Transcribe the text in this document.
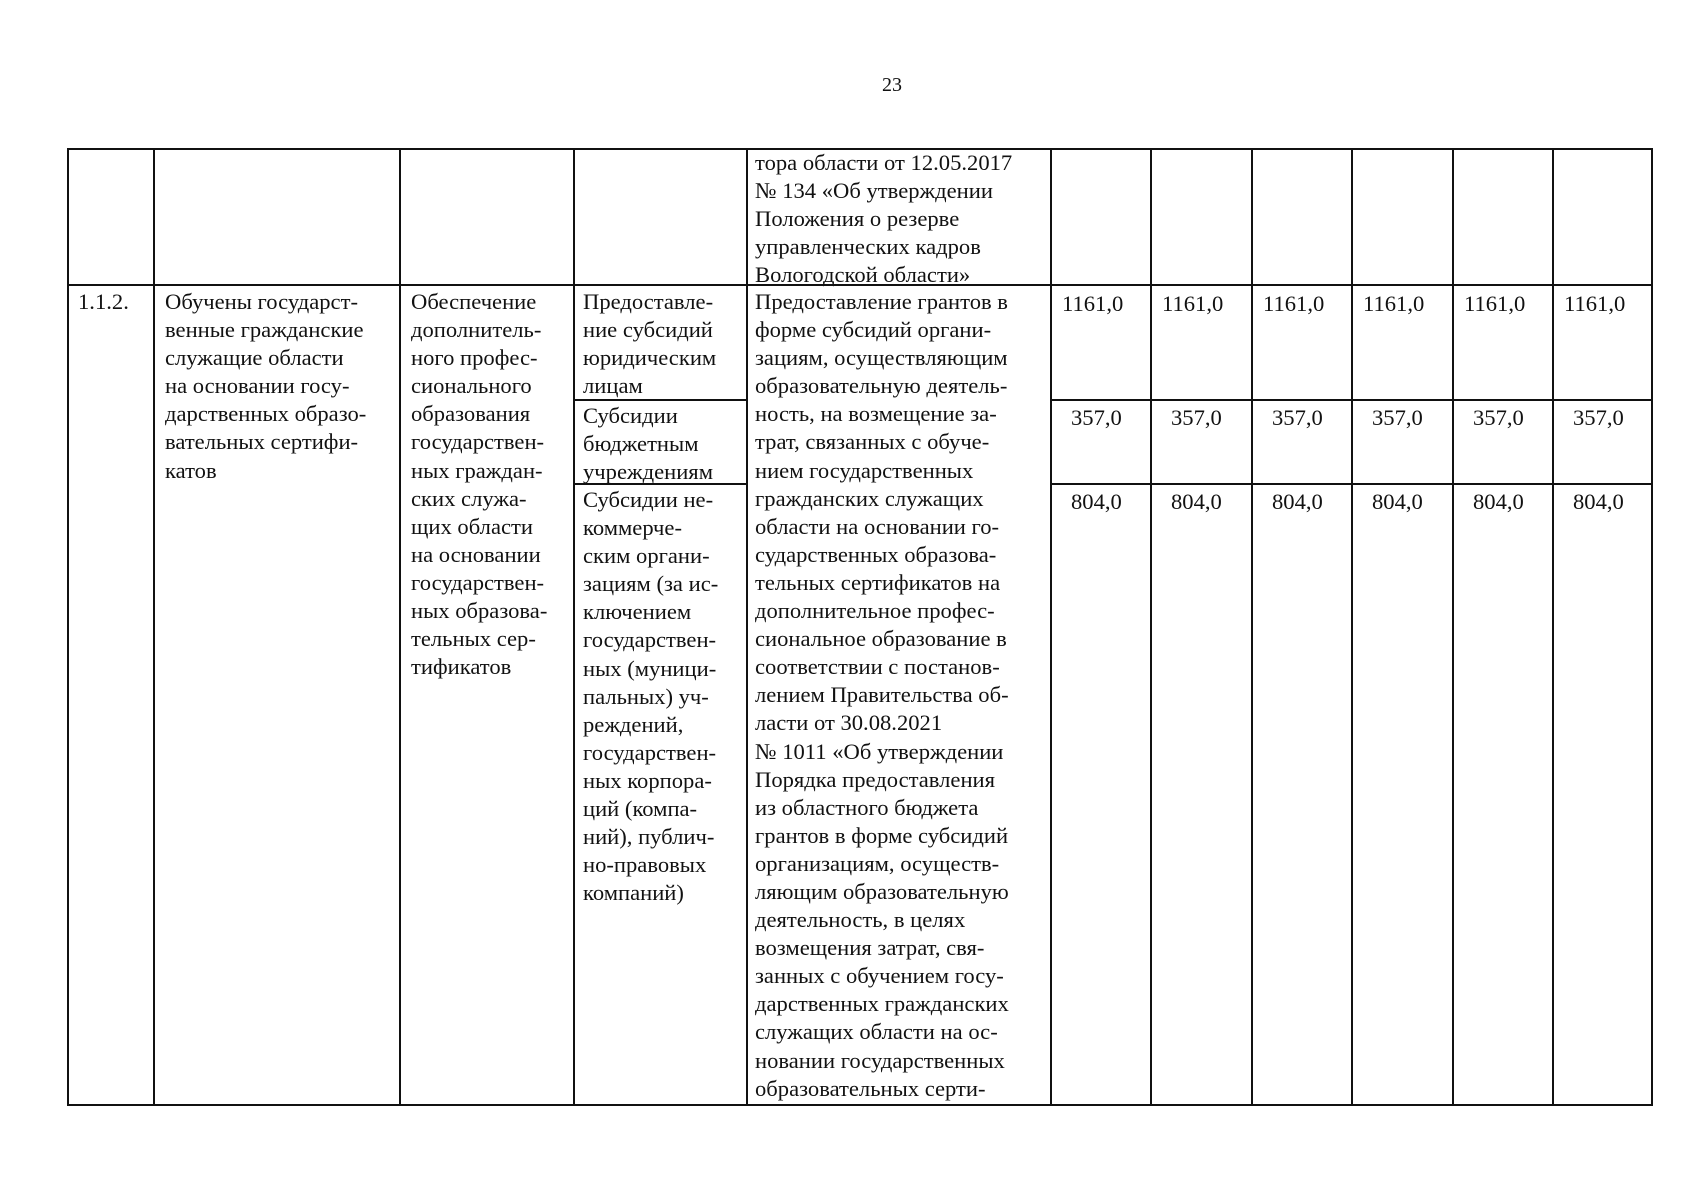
23
тора области от 12.05.2017
№ 134 «Об утверждении
Положения о резерве
управленческих кадров
Вологодской области»
1.1.2. Обучены государст-
венные гражданские
служащие области
на основании госу-
дарственных образо-
вательных сертифи-
катов
Обеспечение
дополнитель-
ного профес-
сионального
образования
государствен-
ных граждан-
ских служа-
щих области
на основании
государствен-
ных образова-
тельных сер-
тификатов
Предоставле-
ние субсидий
юридическим
лицам
Субсидии
бюджетным
учреждениям
Субсидии не-
коммерче-
ским органи-
зациям (за ис-
ключением
государствен-
ных (муници-
пальных) уч-
реждений,
государствен-
ных корпора-
ций (компа-
ний), публич-
но-правовых
компаний)
Предоставление грантов в
форме субсидий органи-
зациям, осуществляющим
образовательную деятель-
ность, на возмещение за-
трат, связанных с обуче-
нием государственных
гражданских служащих
области на основании го-
сударственных образова-
тельных сертификатов на
дополнительное профес-
сиональное образование в
соответствии с постанов-
лением Правительства об-
ласти от 30.08.2021
№ 1011 «Об утверждении
Порядка предоставления
из областного бюджета
грантов в форме субсидий
организациям, осуществ-
ляющим образовательную
деятельность, в целях
возмещения затрат, свя-
занных с обучением госу-
дарственных гражданских
служащих области на ос-
новании государственных
образовательных серти-
1161,0 1161,0 1161,0 1161,0 1161,0 1161,0
357,0 357,0 357,0 357,0 357,0 357,0
804,0 804,0 804,0 804,0 804,0 804,0
